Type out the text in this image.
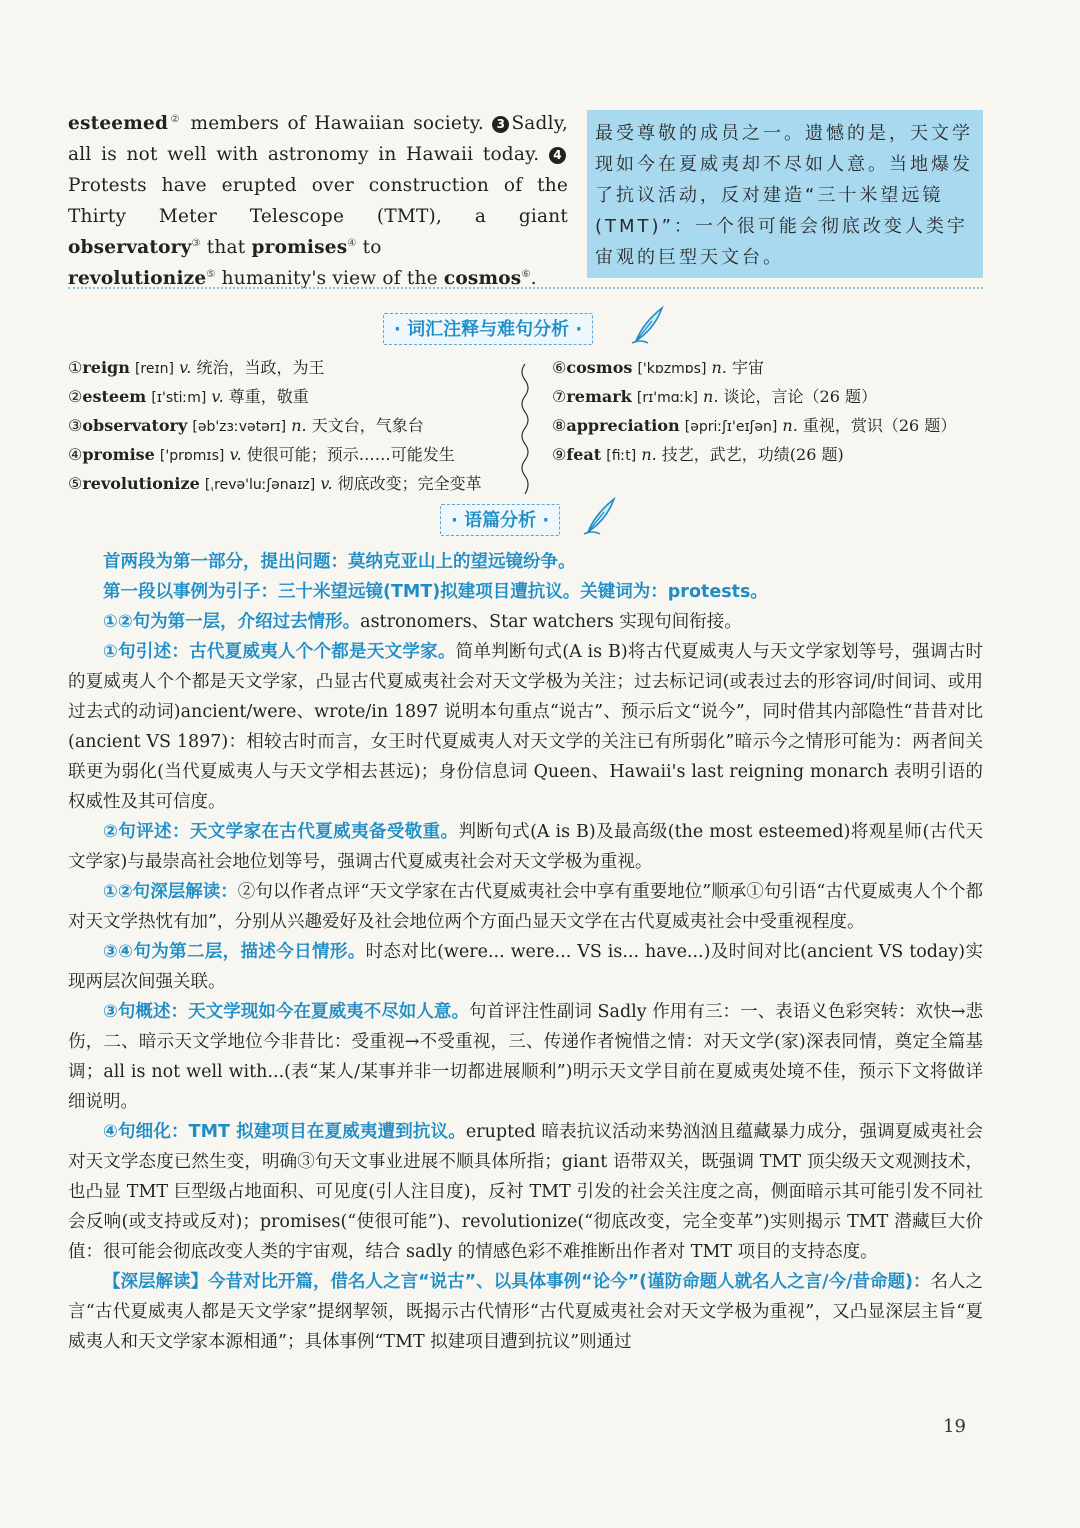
esteemed② members of Hawaiian society. 3 Sadly, all is not well with astronomy in Hawaii today. 4 Protests have erupted over construction of the Thirty Meter Telescope (TMT), a giant observatory③ that promises④ to
revolutionize⑤ humanity's view of the cosmos⑥.
最受尊敬的成员之一。遗憾的是，天文学现如今在夏威夷却不尽如人意。当地爆发了抗议活动，反对建造“三十米望远镜(TMT)”：一个很可能会彻底改变人类宇宙观的巨型天文台。
· 词汇注释与难句分析 ·
①reign [reɪn] v. 统治，当政，为王
②esteem [ɪ'stiːm] v. 尊重，敬重
③observatory [əb'zɜːvətərɪ] n. 天文台，气象台
④promise ['prɒmɪs] v. 使很可能；预示……可能发生
⑤revolutionize [ˌrevə'luːʃənaɪz] v. 彻底改变；完全变革
⑥cosmos ['kɒzmɒs] n. 宇宙
⑦remark [rɪ'mɑːk] n. 谈论，言论（26 题）
⑧appreciation [əpriːʃɪ'eɪʃən] n. 重视，赏识（26 题）
⑨feat [fiːt] n. 技艺，武艺，功绩(26 题)
· 语篇分析 ·

首两段为第一部分，提出问题：莫纳克亚山上的望远镜纷争。

第一段以事例为引子：三十米望远镜(TMT)拟建项目遭抗议。关键词为：protests。

①②句为第一层，介绍过去情形。astronomers、Star watchers 实现句间衔接。

①句引述：古代夏威夷人个个都是天文学家。简单判断句式(A is B)将古代夏威夷人与天文学家划等号，强调古时的夏威夷人个个都是天文学家，凸显古代夏威夷社会对天文学极为关注；过去标记词(或表过去的形容词/时间词、或用过去式的动词)ancient/were、wrote/in 1897 说明本句重点“说古”、预示后文“说今”，同时借其内部隐性“昔昔对比(ancient VS 1897)：相较古时而言，女王时代夏威夷人对天文学的关注已有所弱化”暗示今之情形可能为：两者间关联更为弱化(当代夏威夷人与天文学相去甚远)；身份信息词 Queen、Hawaii's last reigning monarch 表明引语的权威性及其可信度。

②句评述：天文学家在古代夏威夷备受敬重。判断句式(A is B)及最高级(the most esteemed)将观星师(古代天文学家)与最崇高社会地位划等号，强调古代夏威夷社会对天文学极为重视。

①②句深层解读：②句以作者点评“天文学家在古代夏威夷社会中享有重要地位”顺承①句引语“古代夏威夷人个个都对天文学热忱有加”，分别从兴趣爱好及社会地位两个方面凸显天文学在古代夏威夷社会中受重视程度。

③④句为第二层，描述今日情形。时态对比(were... were... VS is... have...)及时间对比(ancient VS today)实现两层次间强关联。

③句概述：天文学现如今在夏威夷不尽如人意。句首评注性副词 Sadly 作用有三：一、表语义色彩突转：欢快→悲伤，二、暗示天文学地位今非昔比：受重视→不受重视，三、传递作者惋惜之情：对天文学(家)深表同情，奠定全篇基调；all is not well with...(表“某人/某事并非一切都进展顺利”)明示天文学目前在夏威夷处境不佳，预示下文将做详细说明。

④句细化：TMT 拟建项目在夏威夷遭到抗议。erupted 暗表抗议活动来势汹汹且蕴藏暴力成分，强调夏威夷社会对天文学态度已然生变，明确③句天文事业进展不顺具体所指；giant 语带双关，既强调 TMT 顶尖级天文观测技术，也凸显 TMT 巨型级占地面积、可见度(引人注目度)，反衬 TMT 引发的社会关注度之高，侧面暗示其可能引发不同社会反响(或支持或反对)；promises(“使很可能”)、revolutionize(“彻底改变，完全变革”)实则揭示 TMT 潜藏巨大价值：很可能会彻底改变人类的宇宙观，结合 sadly 的情感色彩不难推断出作者对 TMT 项目的支持态度。

【深层解读】今昔对比开篇，借名人之言“说古”、以具体事例“论今”(谨防命题人就名人之言/今/昔命题)：名人之言“古代夏威夷人都是天文学家”提纲挈领，既揭示古代情形“古代夏威夷社会对天文学极为重视”，又凸显深层主旨“夏威夷人和天文学家本源相通”；具体事例“TMT 拟建项目遭到抗议”则通过

19
